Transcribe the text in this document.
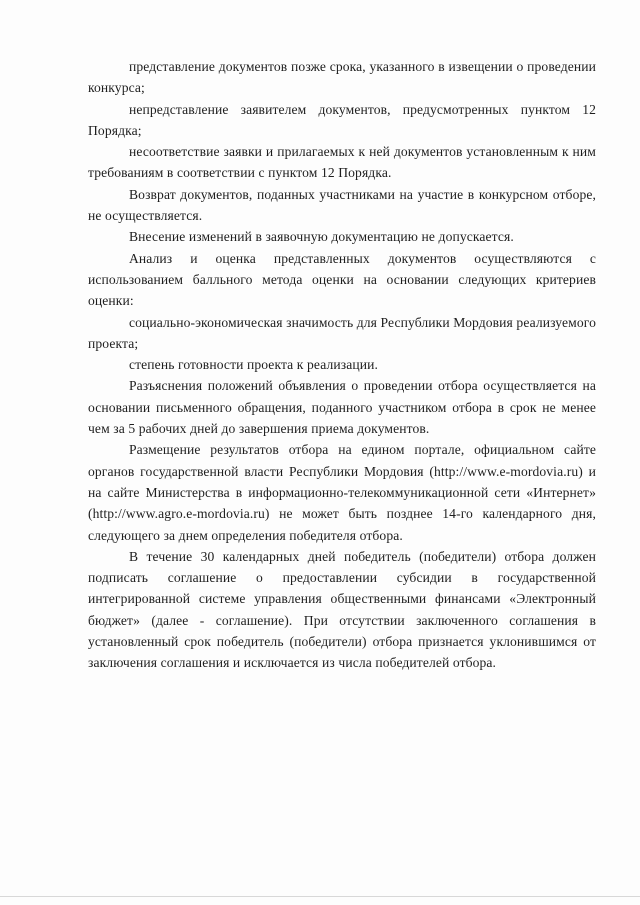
представление документов позже срока, указанного в извещении о проведении конкурса;

непредставление заявителем документов, предусмотренных пунктом 12 Порядка;

несоответствие заявки и прилагаемых к ней документов установленным к ним требованиям в соответствии с пунктом 12 Порядка.

Возврат документов, поданных участниками на участие в конкурсном отборе, не осуществляется.

Внесение изменений в заявочную документацию не допускается.

Анализ и оценка представленных документов осуществляются с использованием балльного метода оценки на основании следующих критериев оценки:

социально-экономическая значимость для Республики Мордовия реализуемого проекта;

степень готовности проекта к реализации.

Разъяснения положений объявления о проведении отбора осуществляется на основании письменного обращения, поданного участником отбора в срок не менее чем за 5 рабочих дней до завершения приема документов.

Размещение результатов отбора на едином портале, официальном сайте органов государственной власти Республики Мордовия (http://www.e-mordovia.ru) и на сайте Министерства в информационно-телекоммуникационной сети «Интернет» (http://www.agro.e-mordovia.ru) не может быть позднее 14-го календарного дня, следующего за днем определения победителя отбора.

В течение 30 календарных дней победитель (победители) отбора должен подписать соглашение о предоставлении субсидии в государственной интегрированной системе управления общественными финансами «Электронный бюджет» (далее - соглашение). При отсутствии заключенного соглашения в установленный срок победитель (победители) отбора признается уклонившимся от заключения соглашения и исключается из числа победителей отбора.
